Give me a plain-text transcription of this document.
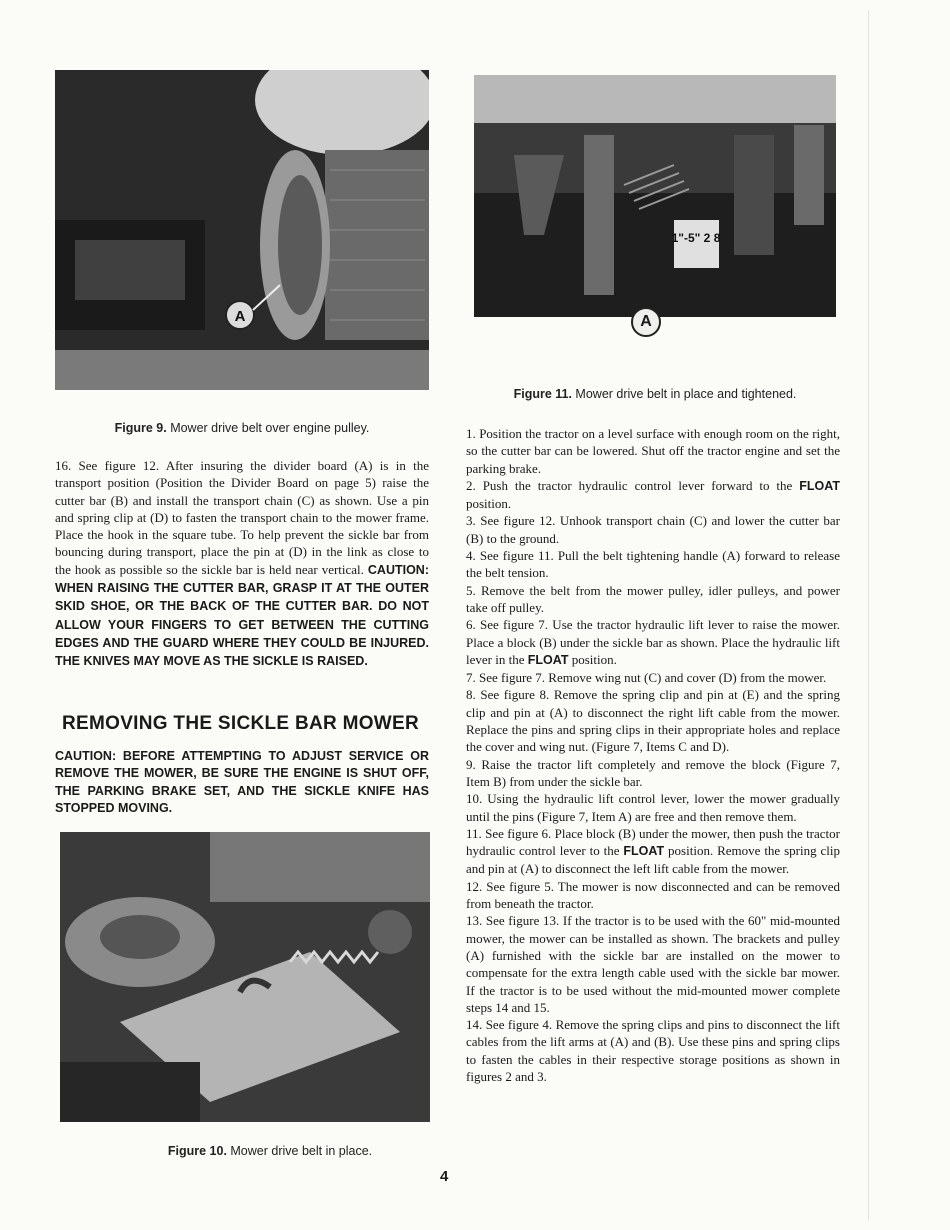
A
Figure 9. Mower drive belt over engine pulley.
1"-5" 2 8
A
Figure 11. Mower drive belt in place and tightened.

16. See figure 12. After insuring the divider board (A) is in the transport position (Position the Divider Board on page 5) raise the cutter bar (B) and install the transport chain (C) as shown. Use a pin and spring clip at (D) to fasten the transport chain to the mower frame. Place the hook in the square tube. To help prevent the sickle bar from bouncing during transport, place the pin at (D) in the link as close to the hook as possible so the sickle bar is held near vertical. CAUTION: WHEN RAISING THE CUTTER BAR, GRASP IT AT THE OUTER SKID SHOE, OR THE BACK OF THE CUTTER BAR. DO NOT ALLOW YOUR FINGERS TO GET BETWEEN THE CUTTING EDGES AND THE GUARD WHERE THEY COULD BE INJURED. THE KNIVES MAY MOVE AS THE SICKLE IS RAISED.

REMOVING THE SICKLE BAR MOWER
CAUTION: BEFORE ATTEMPTING TO ADJUST SERVICE OR REMOVE THE MOWER, BE SURE THE ENGINE IS SHUT OFF, THE PARKING BRAKE SET, AND THE SICKLE KNIFE HAS STOPPED MOVING.
Figure 10. Mower drive belt in place.

1. Position the tractor on a level surface with enough room on the right, so the cutter bar can be lowered. Shut off the tractor engine and set the parking brake.

2. Push the tractor hydraulic control lever forward to the FLOAT position.

3. See figure 12. Unhook transport chain (C) and lower the cutter bar (B) to the ground.

4. See figure 11. Pull the belt tightening handle (A) forward to release the belt tension.

5. Remove the belt from the mower pulley, idler pulleys, and power take off pulley.

6. See figure 7. Use the tractor hydraulic lift lever to raise the mower. Place a block (B) under the sickle bar as shown. Place the hydraulic lift lever in the FLOAT position.

7. See figure 7. Remove wing nut (C) and cover (D) from the mower.

8. See figure 8. Remove the spring clip and pin at (E) and the spring clip and pin at (A) to disconnect the right lift cable from the mower. Replace the pins and spring clips in their appropriate holes and replace the cover and wing nut. (Figure 7, Items C and D).

9. Raise the tractor lift completely and remove the block (Figure 7, Item B) from under the sickle bar.

10. Using the hydraulic lift control lever, lower the mower gradually until the pins (Figure 7, Item A) are free and then remove them.

11. See figure 6. Place block (B) under the mower, then push the tractor hydraulic control lever to the FLOAT position. Remove the spring clip and pin at (A) to disconnect the left lift cable from the mower.

12. See figure 5. The mower is now disconnected and can be removed from beneath the tractor.

13. See figure 13. If the tractor is to be used with the 60" mid-mounted mower, the mower can be installed as shown. The brackets and pulley (A) furnished with the sickle bar are installed on the mower to compensate for the extra length cable used with the sickle bar mower. If the tractor is to be used without the mid-mounted mower complete steps 14 and 15.

14. See figure 4. Remove the spring clips and pins to disconnect the lift cables from the lift arms at (A) and (B). Use these pins and spring clips to fasten the cables in their respective storage positions as shown in figures 2 and 3.

4
